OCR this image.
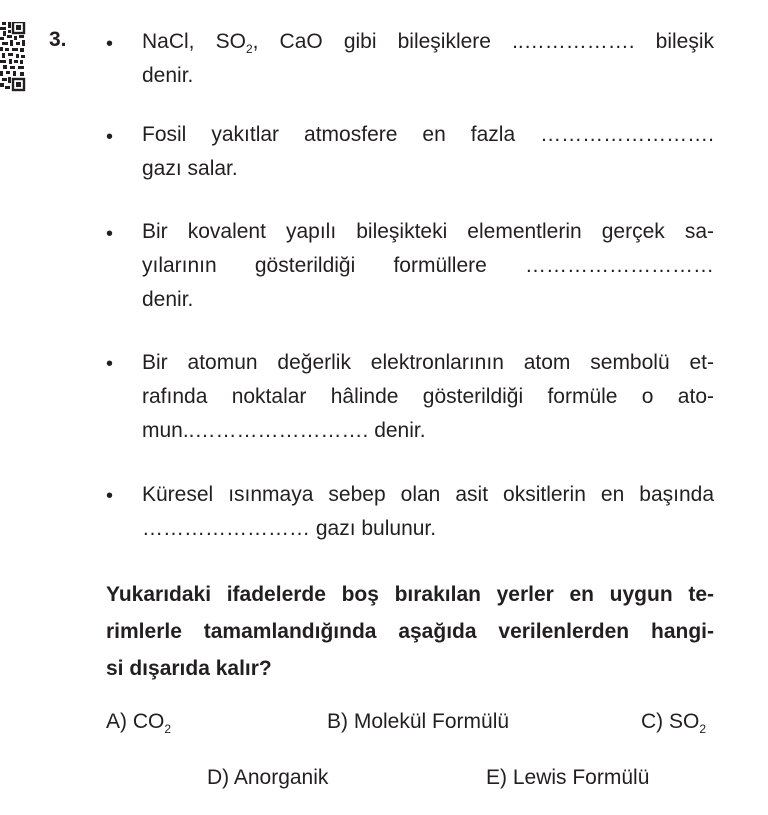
3. • NaCl, $SO_2$, CaO gibi bileşiklere ..……………. bileşik
denir.
• Fosil yakıtlar atmosfere en fazla …………………….
gazı salar.
• Bir kovalent yapılı bileşikteki elementlerin gerçek sa-
yılarının gösterildiği formüllere ………………………
denir.
• Bir atomun değerlik elektronlarının atom sembolü et-
rafında noktalar hâlinde gösterildiği formüle o ato-
mun..……………………. denir.
• Küresel ısınmaya sebep olan asit oksitlerin en başında
…………………… gazı bulunur.
Yukarıdaki ifadelerde boş bırakılan yerler en uygun te-
rimlerle tamamlandığında aşağıda verilenlerden hangi-
si dışarıda kalır?
A) $CO_2$	B) Molekül Formülü	C) $SO_2$
D) Anorganik	E) Lewis Formülü
